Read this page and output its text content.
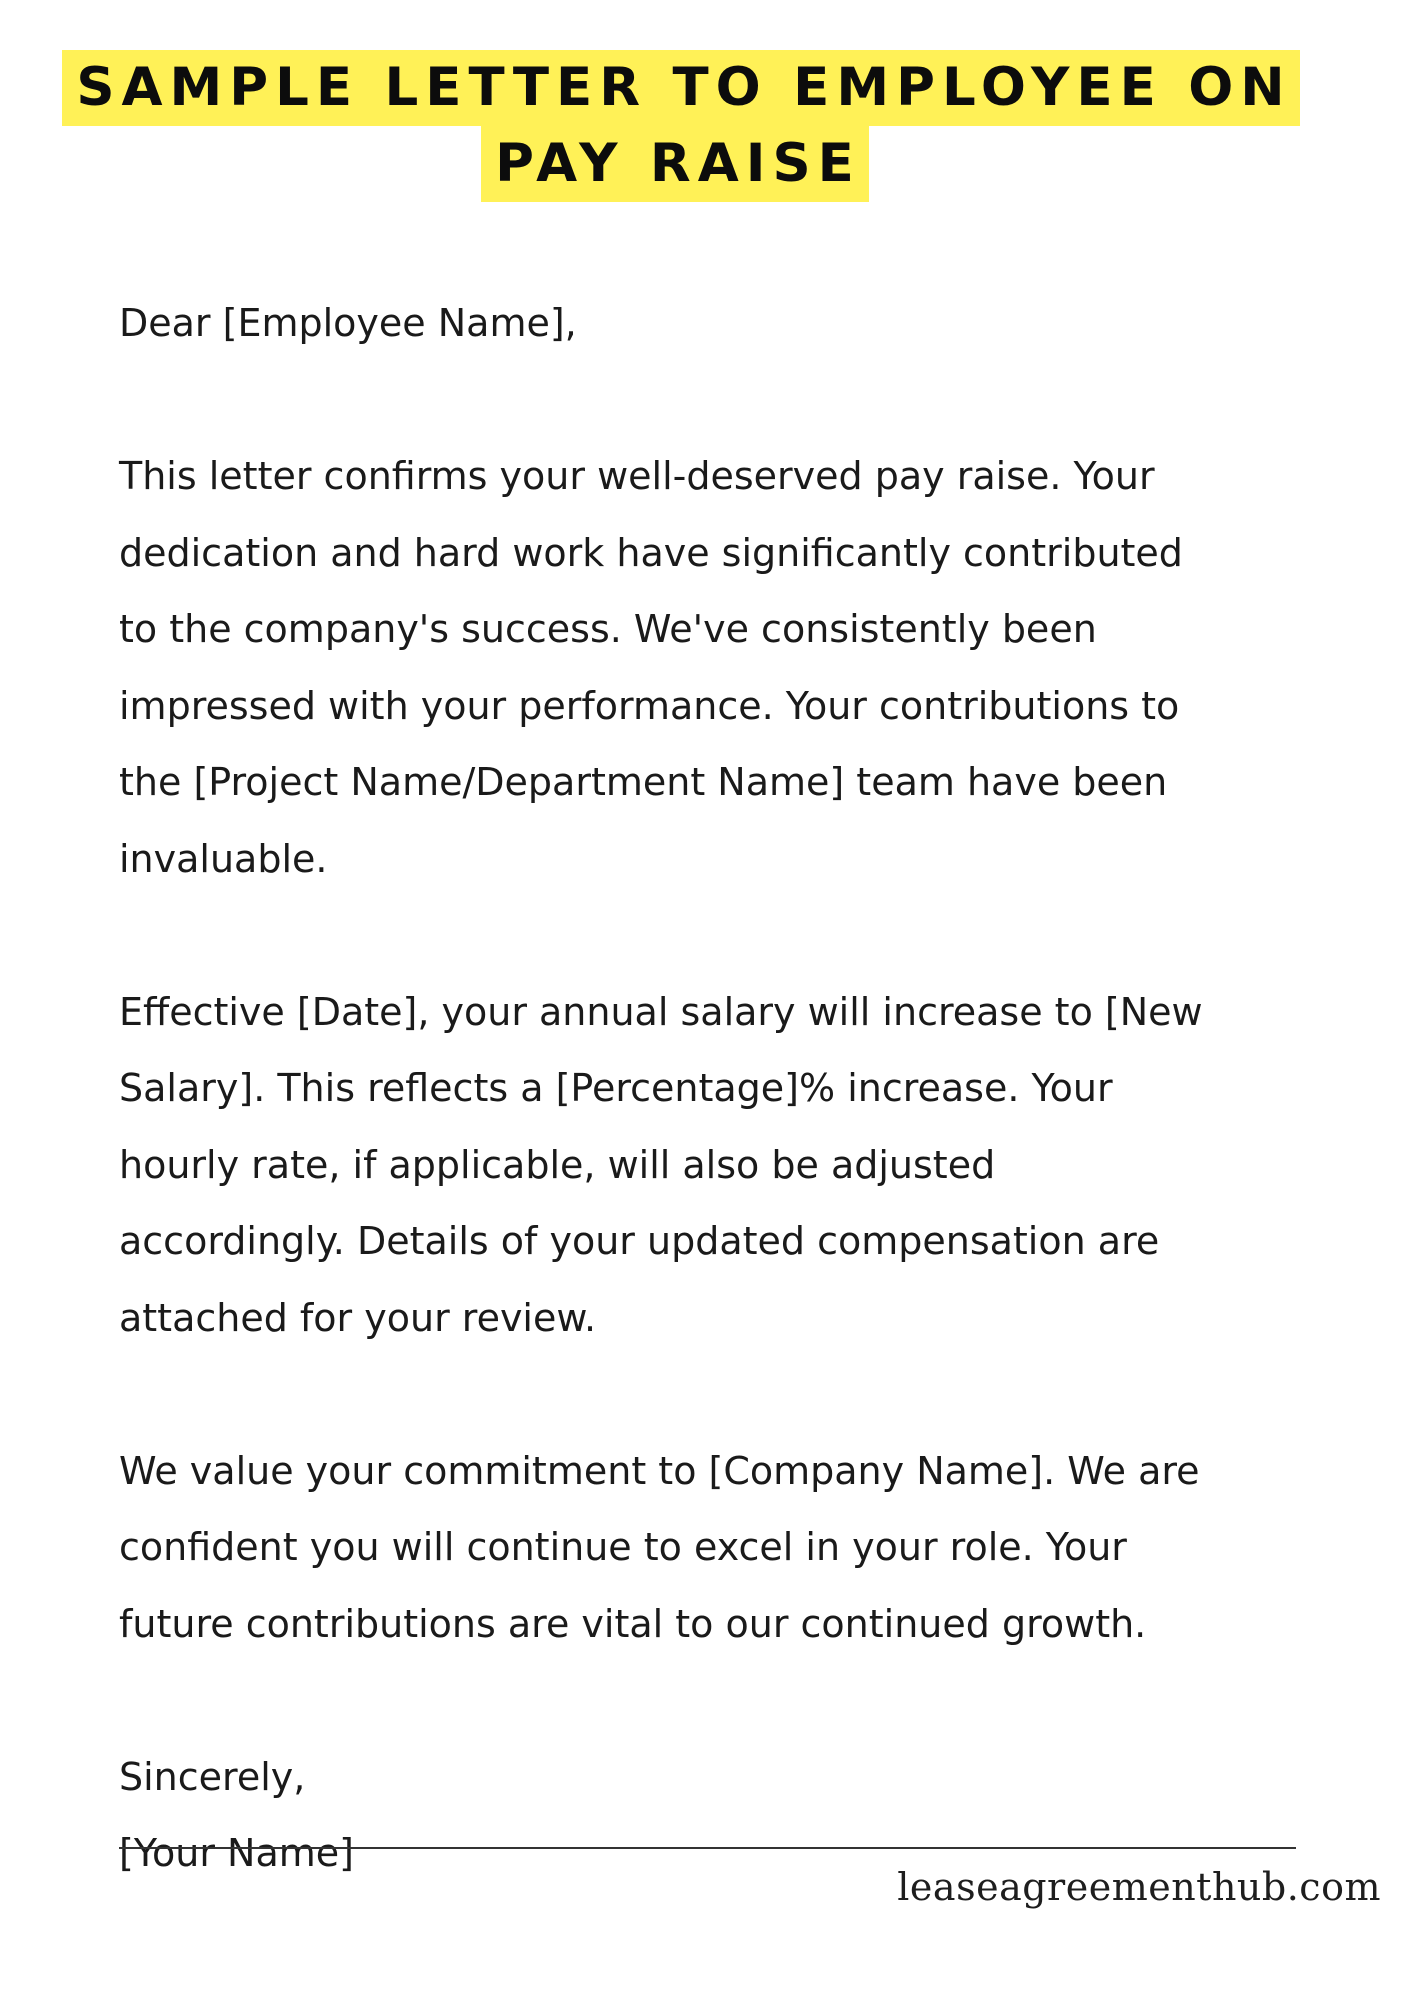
SAMPLE LETTER TO EMPLOYEE ON
PAY RAISE

Dear [Employee Name],

This letter confirms your well-deserved pay raise. Your
dedication and hard work have significantly contributed
to the company's success. We've consistently been
impressed with your performance. Your contributions to
the [Project Name/Department Name] team have been
invaluable.

Effective [Date], your annual salary will increase to [New
Salary]. This reflects a [Percentage]% increase. Your
hourly rate, if applicable, will also be adjusted
accordingly. Details of your updated compensation are
attached for your review.

We value your commitment to [Company Name]. We are
confident you will continue to excel in your role. Your
future contributions are vital to our continued growth.

Sincerely,
[Your Name]
leaseagreementhub.com
